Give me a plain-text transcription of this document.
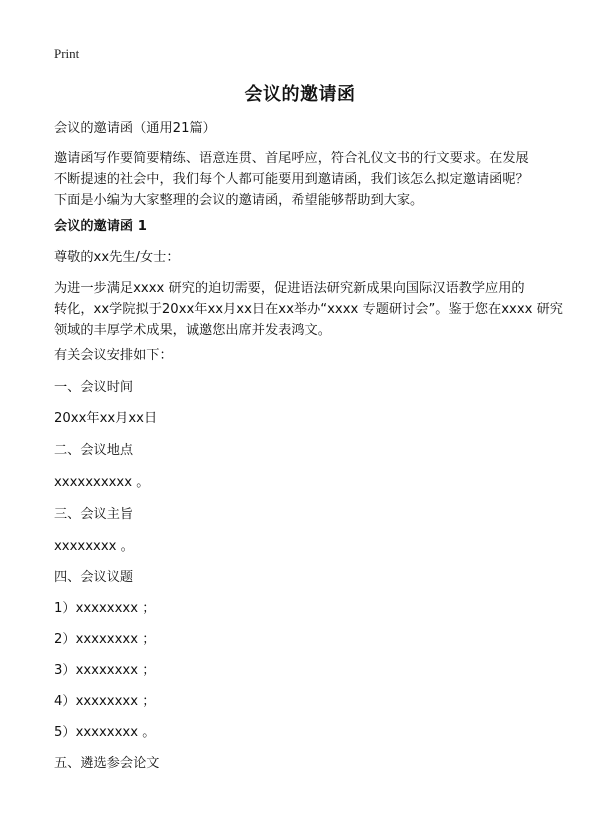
Print
会议的邀请函

会议的邀请函（通用21篇）

邀请函写作要简要精练、语意连贯、首尾呼应，符合礼仪文书的行文要求。在发展
不断提速的社会中，我们每个人都可能要用到邀请函，我们该怎么拟定邀请函呢？
下面是小编为大家整理的会议的邀请函，希望能够帮助到大家。

会议的邀请函 1

尊敬的xx先生/女士：

为进一步满足xxxx 研究的迫切需要，促进语法研究新成果向国际汉语教学应用的
转化，xx学院拟于20xx年xx月xx日在xx举办“xxxx 专题研讨会”。鉴于您在xxxx 研究
领域的丰厚学术成果，诚邀您出席并发表鸿文。

有关会议安排如下：

一、会议时间

20xx年xx月xx日

二、会议地点

xxxxxxxxxx 。

三、会议主旨

xxxxxxxx 。

四、会议议题

1）xxxxxxxx ；

2）xxxxxxxx ；

3）xxxxxxxx ；

4）xxxxxxxx ；

5）xxxxxxxx 。

五、遴选参会论文
